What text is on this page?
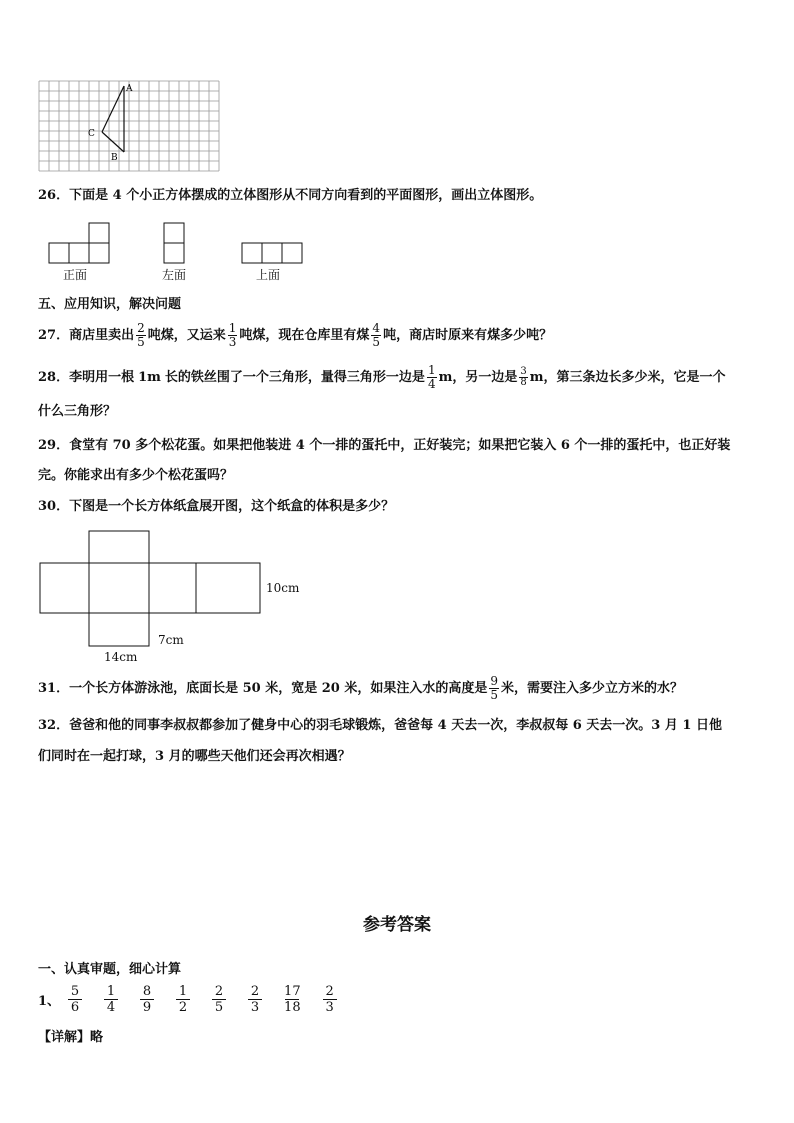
A
B
C
26．下面是 4 个小正方体摆成的立体图形从不同方向看到的平面图形，画出立体图形。
正面	左面	上面
五、应用知识，解决问题
27．商店里卖出 $\frac{2}{5}$ 吨煤，又运来 $\frac{1}{3}$ 吨煤，现在仓库里有煤 $\frac{4}{5}$ 吨，商店时原来有煤多少吨？
28．李明用一根 1m 长的铁丝围了一个三角形，量得三角形一边是 $\frac{1}{4}$ m，另一边是 $\frac{3}{8}$ m，第三条边长多少米，它是一个
什么三角形？
29．食堂有 70 多个松花蛋。如果把他装进 4 个一排的蛋托中，正好装完；如果把它装入 6 个一排的蛋托中，也正好装
完。你能求出有多少个松花蛋吗？
30．下图是一个长方体纸盒展开图，这个纸盒的体积是多少？
10cm
7cm
14cm
31．一个长方体游泳池，底面长是 50 米，宽是 20 米，如果注入水的高度是 $\frac{9}{5}$ 米，需要注入多少立方米的水？
32．爸爸和他的同事李叔叔都参加了健身中心的羽毛球锻炼，爸爸每 4 天去一次，李叔叔每 6 天去一次。3 月 1 日他
们同时在一起打球，3 月的哪些天他们还会再次相遇？
参考答案
一、认真审题，细心计算
1、 $\frac{5}{6} \frac{1}{4} \frac{8}{9} \frac{1}{2} \frac{2}{5} \frac{2}{3} \frac{17}{18} \frac{2}{3}$
【详解】略
